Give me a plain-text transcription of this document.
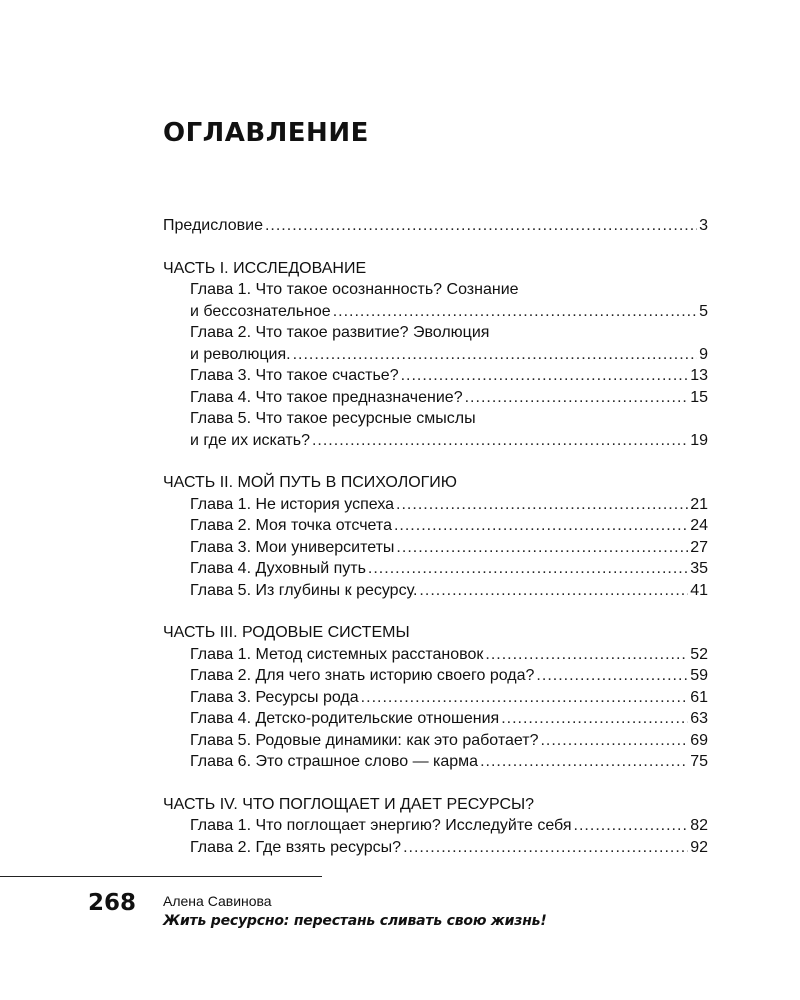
ОГЛАВЛЕНИЕ
Предисловие .....	3
ЧАСТЬ I. ИССЛЕДОВАНИЕ
Глава 1. Что такое осознанность? Сознание
и бессознательное .....	5
Глава 2. Что такое развитие? Эволюция
и революция. .....	9
Глава 3. Что такое счастье? .....	13
Глава 4. Что такое предназначение? .....	15
Глава 5. Что такое ресурсные смыслы
и где их искать? .....	19
ЧАСТЬ II. МОЙ ПУТЬ В ПСИХОЛОГИЮ
Глава 1. Не история успеха .....	21
Глава 2. Моя точка отсчета .....	24
Глава 3. Мои университеты .....	27
Глава 4. Духовный путь .....	35
Глава 5. Из глубины к ресурсу. .....	41
ЧАСТЬ III. РОДОВЫЕ СИСТЕМЫ
Глава 1. Метод системных расстановок .....	52
Глава 2. Для чего знать историю своего рода? .....	59
Глава 3. Ресурсы рода .....	61
Глава 4. Детско-родительские отношения .....	63
Глава 5. Родовые динамики: как это работает? .....	69
Глава 6. Это страшное слово — карма .....	75
ЧАСТЬ IV. ЧТО ПОГЛОЩАЕТ И ДАЕТ РЕСУРСЫ?
Глава 1. Что поглощает энергию? Исследуйте себя .....	82
Глава 2. Где взять ресурсы? .....	92
268 Алена Савинова
Жить ресурсно: перестань сливать свою жизнь!
